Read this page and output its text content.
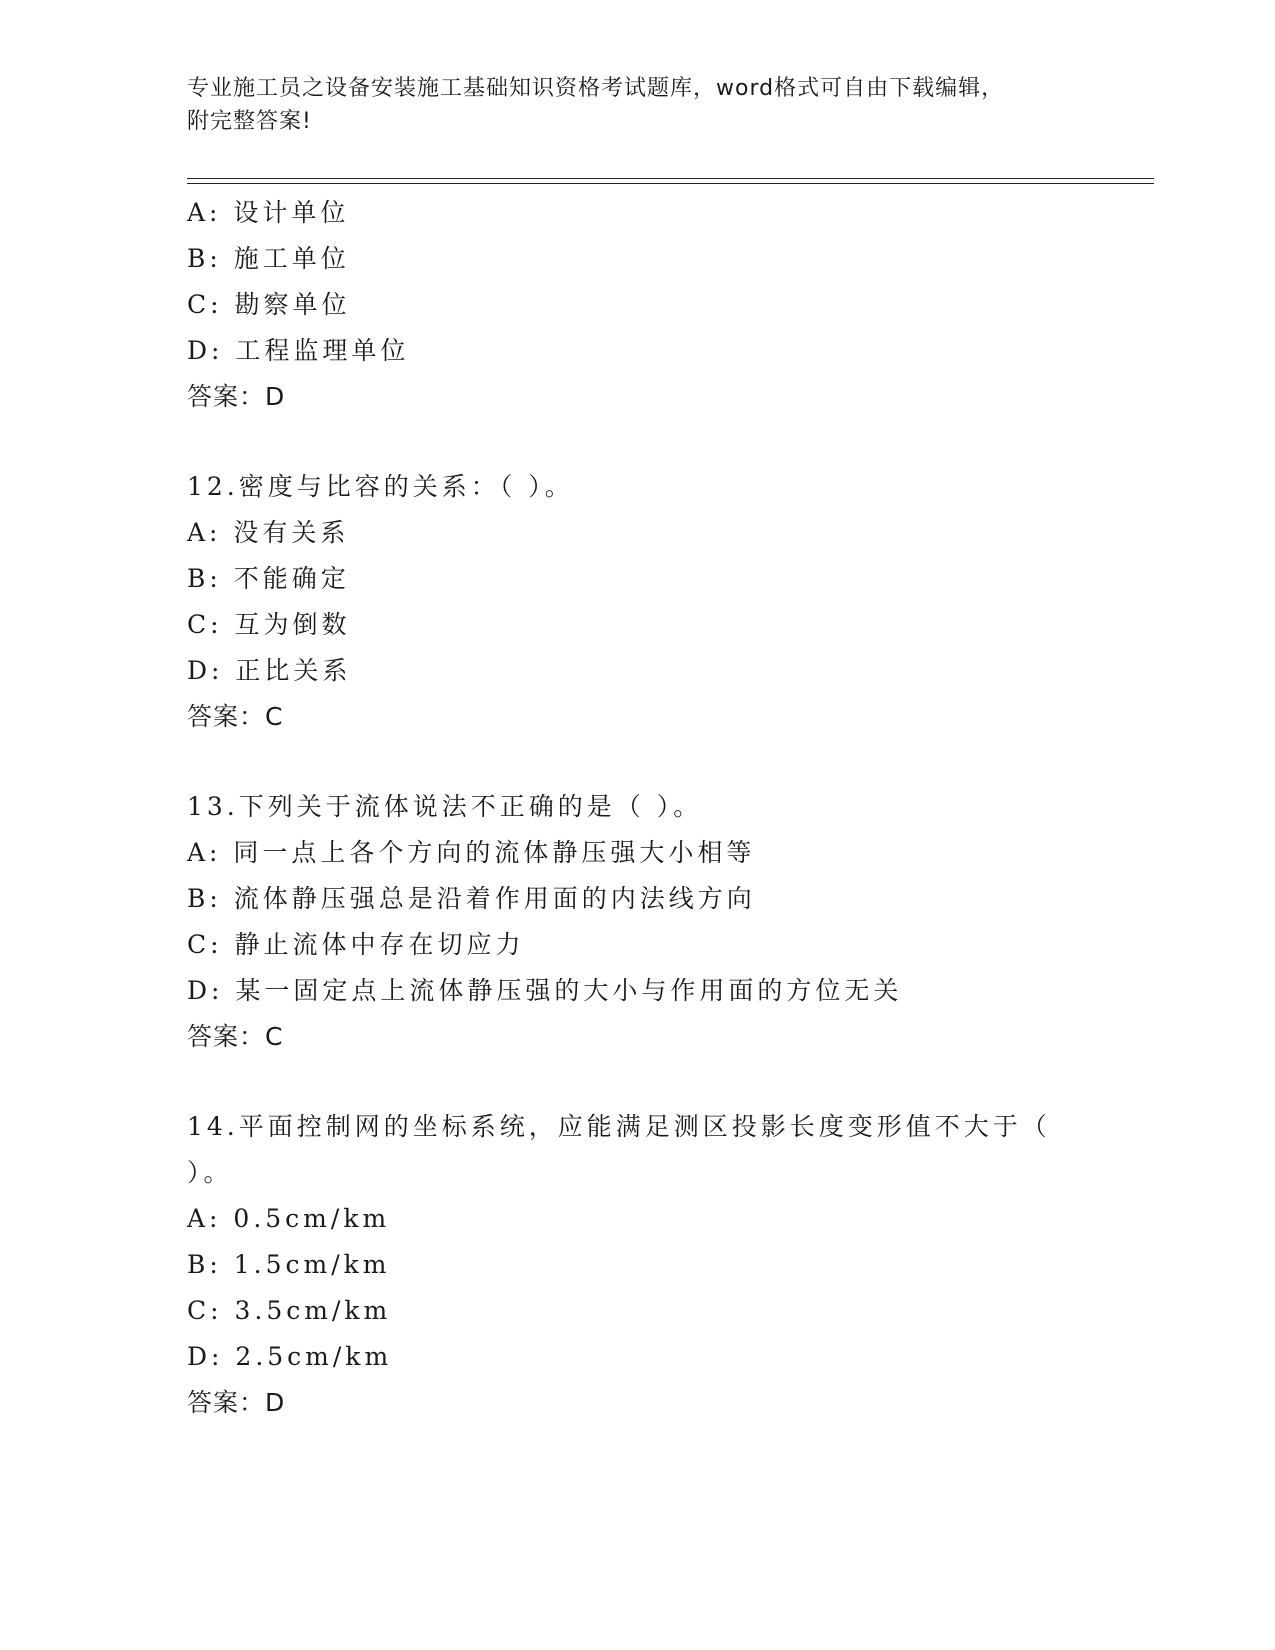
专业施工员之设备安装施工基础知识资格考试题库，word格式可自由下载编辑，
附完整答案!
A: 设计单位
B: 施工单位
C: 勘察单位
D: 工程监理单位
答案：D
12.密度与比容的关系：（ ）。
A: 没有关系
B: 不能确定
C: 互为倒数
D: 正比关系
答案：C
13.下列关于流体说法不正确的是（ ）。
A: 同一点上各个方向的流体静压强大小相等
B: 流体静压强总是沿着作用面的内法线方向
C: 静止流体中存在切应力
D: 某一固定点上流体静压强的大小与作用面的方位无关
答案：C
14.平面控制网的坐标系统，应能满足测区投影长度变形值不大于（
）。
A: 0.5cm/km
B: 1.5cm/km
C: 3.5cm/km
D: 2.5cm/km
答案：D
